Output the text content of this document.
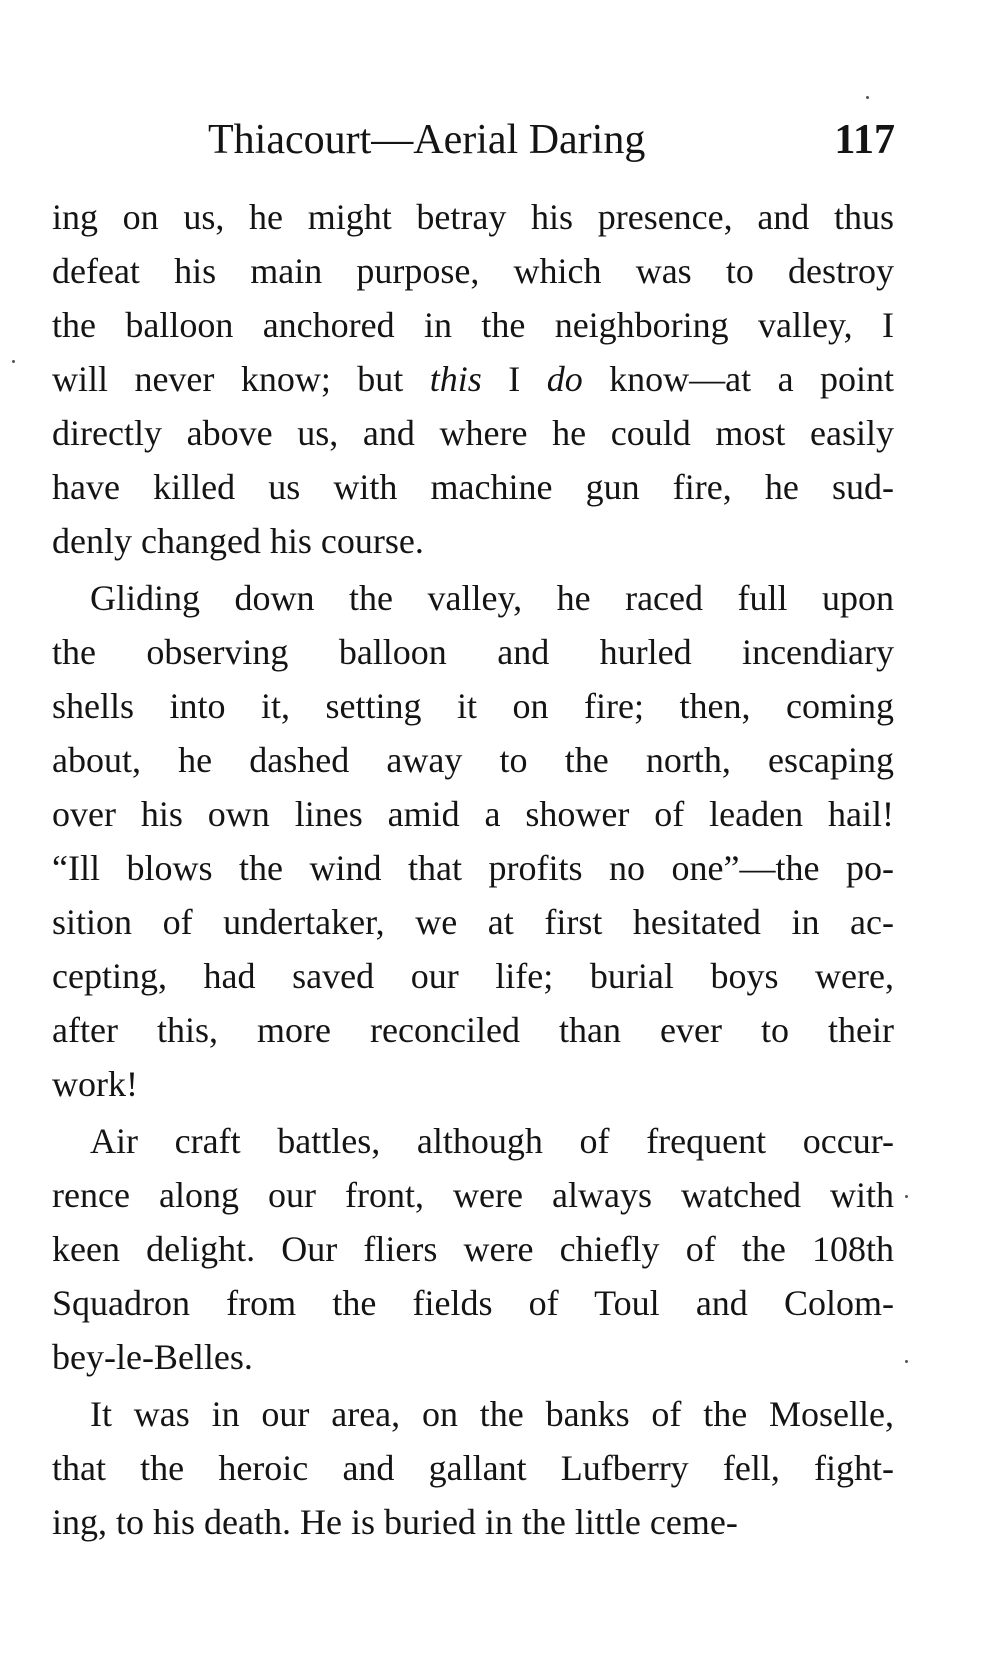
Thiacourt—Aerial Daring	117
ing on us, he might betray his presence, and thus
defeat his main purpose, which was to destroy
the balloon anchored in the neighboring valley, I
will never know; but this I do know—at a point
directly above us, and where he could most easily
have killed us with machine gun fire, he sud-
denly changed his course.
Gliding down the valley, he raced full upon
the observing balloon and hurled incendiary
shells into it, setting it on fire; then, coming
about, he dashed away to the north, escaping
over his own lines amid a shower of leaden hail!
“Ill blows the wind that profits no one”—the po-
sition of undertaker, we at first hesitated in ac-
cepting, had saved our life; burial boys were,
after this, more reconciled than ever to their
work!
Air craft battles, although of frequent occur-
rence along our front, were always watched with
keen delight. Our fliers were chiefly of the 108th
Squadron from the fields of Toul and Colom-
bey-le-Belles.
It was in our area, on the banks of the Moselle,
that the heroic and gallant Lufberry fell, fight-
ing, to his death. He is buried in the little ceme-
